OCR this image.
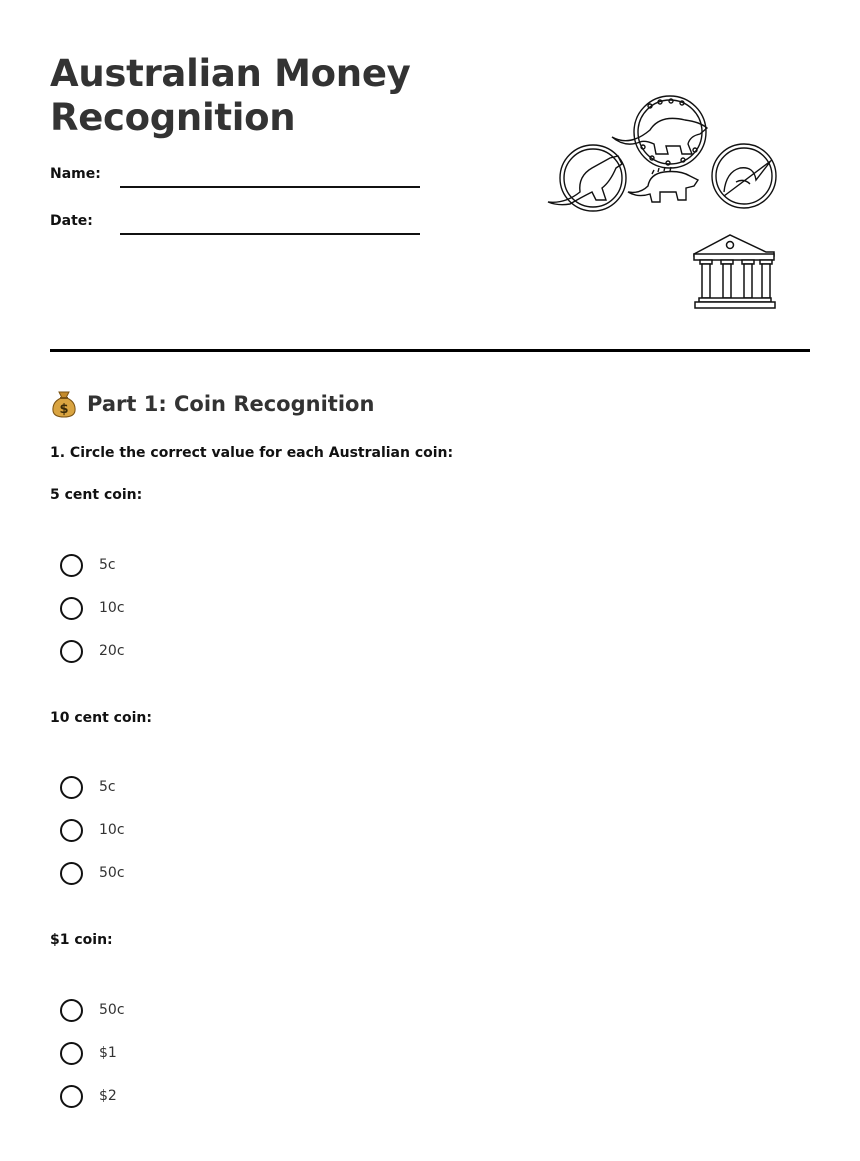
Australian Money
Recognition
Name:
Date:
$ Part 1: Coin Recognition
1. Circle the correct value for each Australian coin:
5 cent coin:
5c
10c
20c
10 cent coin:
5c
10c
50c
$1 coin:
50c
$1
$2
